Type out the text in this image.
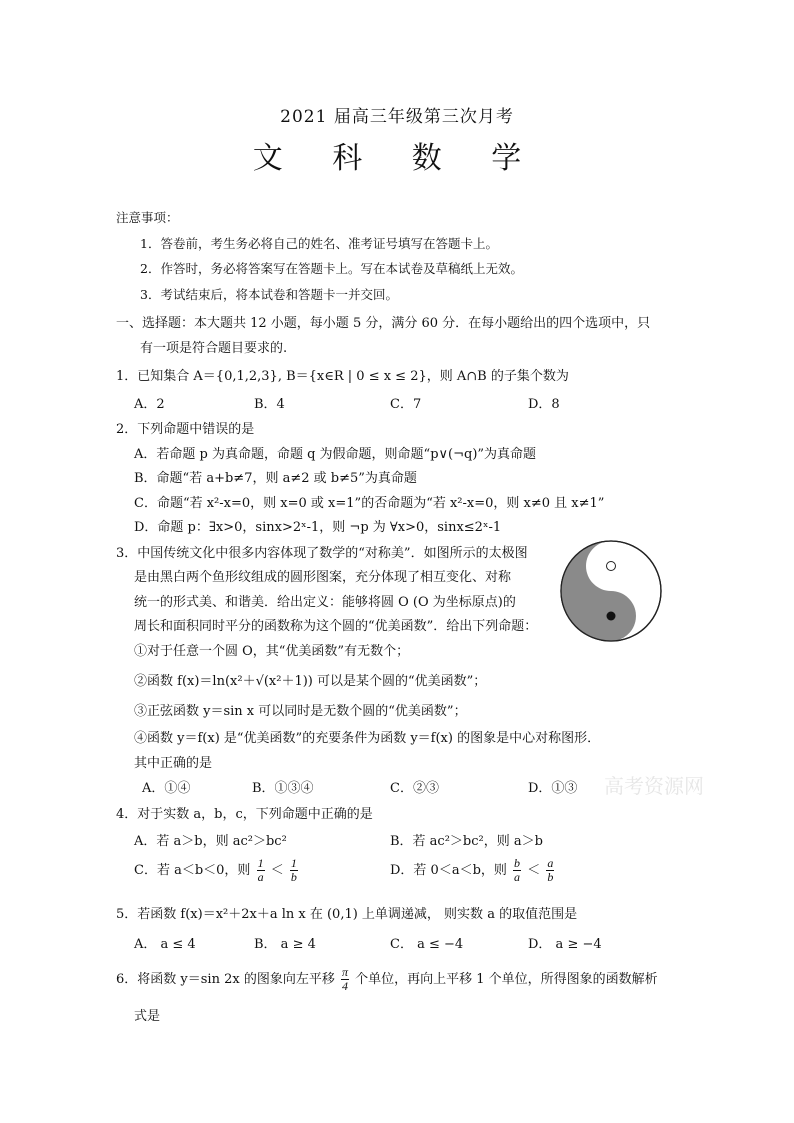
2021 届高三年级第三次月考
文 科 数 学
注意事项：
1．答卷前，考生务必将自己的姓名、准考证号填写在答题卡上。
2．作答时，务必将答案写在答题卡上。写在本试卷及草稿纸上无效。
3．考试结束后，将本试卷和答题卡一并交回。
一、选择题：本大题共 12 小题，每小题 5 分，满分 60 分．在每小题给出的四个选项中，只
有一项是符合题目要求的.
1．已知集合 A＝{0,1,2,3}, B＝{x∈R | 0 ≤ x ≤ 2}，则 A∩B 的子集个数为
A．2	B．4	C．7	D．8
2．下列命题中错误的是
A．若命题 p 为真命题，命题 q 为假命题，则命题“p∨(¬q)”为真命题
B．命题“若 a+b≠7，则 a≠2 或 b≠5”为真命题
C．命题“若 x²-x=0，则 x=0 或 x=1”的否命题为“若 x²-x=0，则 x≠0 且 x≠1”
D．命题 p：∃x>0，sinx>2ˣ-1，则 ¬p 为 ∀x>0，sinx≤2ˣ-1
3．中国传统文化中很多内容体现了数学的“对称美”．如图所示的太极图
是由黑白两个鱼形纹组成的圆形图案，充分体现了相互变化、对称
统一的形式美、和谐美．给出定义：能够将圆 O (O 为坐标原点)的
周长和面积同时平分的函数称为这个圆的“优美函数”．给出下列命题：
①对于任意一个圆 O，其“优美函数”有无数个；
②函数 f(x)＝ln(x²＋√(x²＋1)) 可以是某个圆的“优美函数”；
③正弦函数 y＝sin x 可以同时是无数个圆的“优美函数”；
④函数 y＝f(x) 是“优美函数”的充要条件为函数 y＝f(x) 的图象是中心对称图形．
其中正确的是
A．①④	B．①③④	C．②③	D．①③ 高考资源网
4．对于实数 a，b，c，下列命题中正确的是
A．若 a＞b，则 ac²＞bc²	B．若 ac²＞bc²，则 a＞b
C．若 a＜b＜0，则 $\frac{1}{a} < \frac{1}{b}$	D．若 0＜a＜b，则 $\frac{b}{a} < \frac{a}{b}$
5．若函数 f(x)＝x²＋2x＋a ln x 在 (0,1) 上单调递减， 则实数 a 的取值范围是
A． a ≤ 4	B． a ≥ 4	C． a ≤ −4	D． a ≥ −4
6．将函数 y＝sin 2x 的图象向左平移 $\frac{\pi}{4}$ 个单位，再向上平移 1 个单位，所得图象的函数解析
式是
